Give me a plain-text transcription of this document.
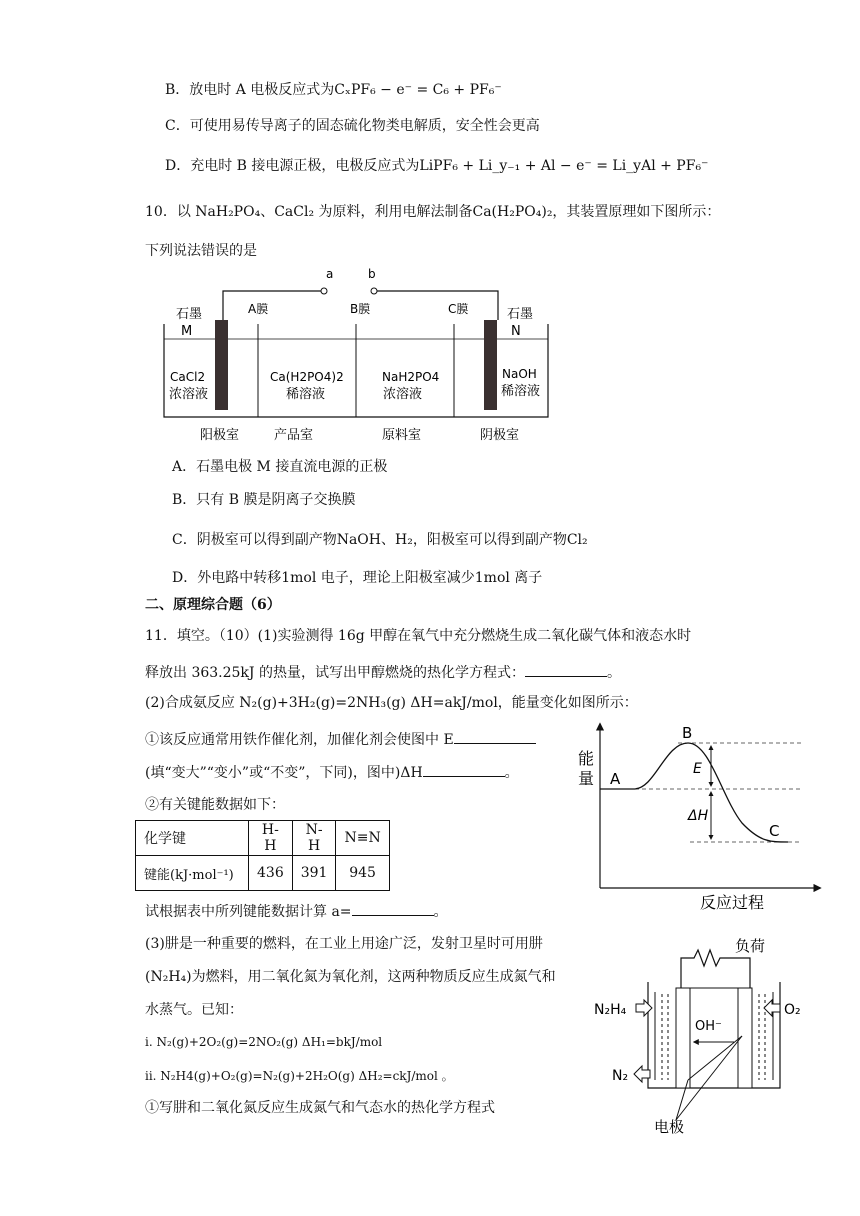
B．放电时 A 电极反应式为CₓPF₆ − e⁻ = C₆ + PF₆⁻
C．可使用易传导离子的固态硫化物类电解质，安全性会更高
D．充电时 B 接电源正极，电极反应式为LiPF₆ + Li_y₋₁ + Al − e⁻ = Li_yAl + PF₆⁻
10．以 NaH₂PO₄、CaCl₂ 为原料，利用电解法制备Ca(H₂PO₄)₂，其装置原理如下图所示：
下列说法错误的是
a	b
石墨
M
石墨
N
A膜	B膜	C膜
CaCl2
浓溶液
Ca(H2PO4)2
稀溶液
NaH2PO4
浓溶液
NaOH
稀溶液
阳极室	产品室	原料室	阴极室
A．石墨电极 M 接直流电源的正极
B．只有 B 膜是阴离子交换膜
C．阴极室可以得到副产物NaOH、H₂，阳极室可以得到副产物Cl₂
D．外电路中转移1mol 电子，理论上阳极室减少1mol 离子
二、原理综合题（6）
11．填空。（10）(1)实验测得 16g 甲醇在氧气中充分燃烧生成二氧化碳气体和液态水时
释放出 363.25kJ 的热量，试写出甲醇燃烧的热化学方程式：	。
(2)合成氨反应 N₂(g)+3H₂(g)=2NH₃(g) ΔH=akJ/mol，能量变化如图所示：
①该反应通常用铁作催化剂，加催化剂会使图中 E
(填“变大”“变小”或“不变”，下同)，图中)ΔH	。
②有关键能数据如下：
化学键	H-H	N-H	N≡N
键能(kJ·mol⁻¹)	436	391	945
试根据表中所列键能数据计算 a=	。
(3)肼是一种重要的燃料，在工业上用途广泛，发射卫星时可用肼
(N₂H₄)为燃料，用二氧化氮为氧化剂，这两种物质反应生成氮气和
水蒸气。已知：
i. N₂(g)+2O₂(g)=2NO₂(g) ΔH₁=bkJ/mol
ii. N₂H4(g)+O₂(g)=N₂(g)+2H₂O(g) ΔH₂=ckJ/mol 。
①写肼和二氧化氮反应生成氮气和气态水的热化学方程式
能
量
反应过程
A
B
C
E
ΔH
负荷
OH⁻
电极
N₂H₄	O₂
N₂
